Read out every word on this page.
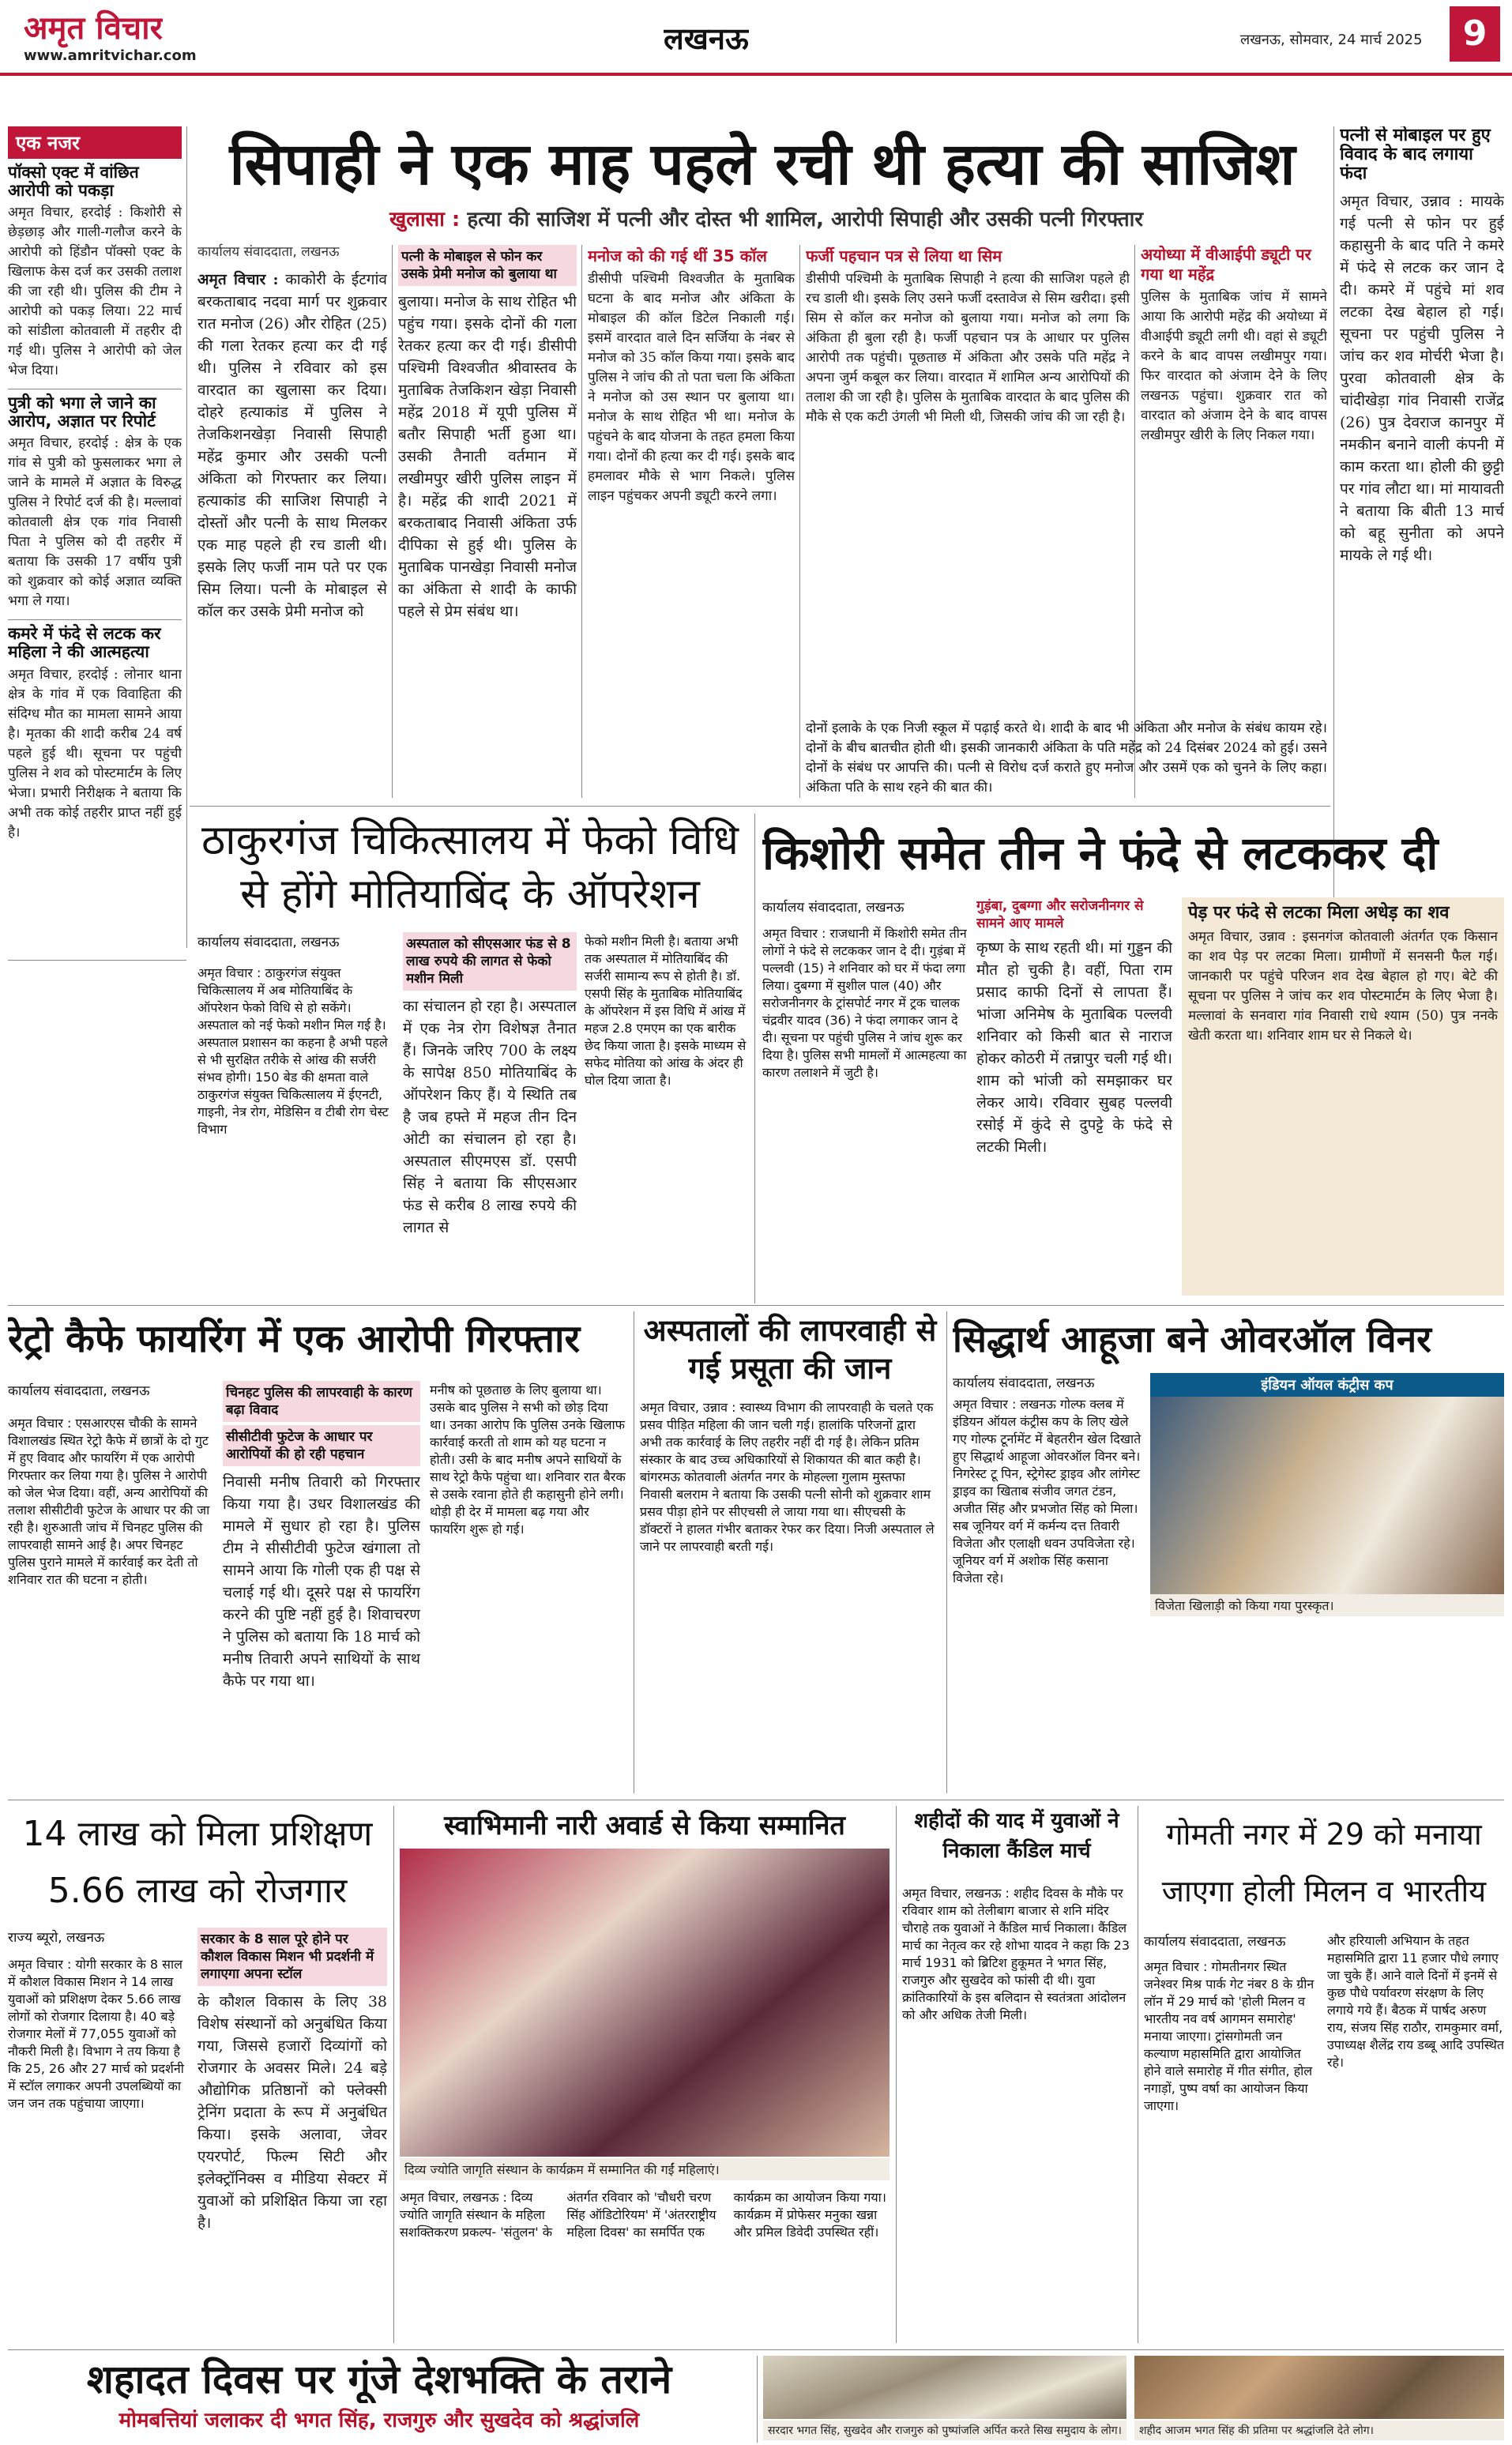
अमृत विचार
www.amritvichar.com	लखनऊ	लखनऊ, सोमवार, 24 मार्च 2025	9
एक नजर
पॉक्सो एक्ट में वांछित आरोपी को पकड़ा
अमृत विचार, हरदोई : किशोरी से छेड़छाड़ और गाली-गलौज करने के आरोपी को हिंडौन पॉक्सो एक्ट के खिलाफ केस दर्ज कर उसकी तलाश की जा रही थी। पुलिस की टीम ने आरोपी को पकड़ लिया। 22 मार्च को सांडीला कोतवाली में तहरीर दी गई थी। पुलिस ने आरोपी को जेल भेज दिया।
पुत्री को भगा ले जाने का आरोप, अज्ञात पर रिपोर्ट
अमृत विचार, हरदोई : क्षेत्र के एक गांव से पुत्री को फुसलाकर भगा ले जाने के मामले में अज्ञात के विरुद्ध पुलिस ने रिपोर्ट दर्ज की है। मल्लावां कोतवाली क्षेत्र एक गांव निवासी पिता ने पुलिस को दी तहरीर में बताया कि उसकी 17 वर्षीय पुत्री को शुक्रवार को कोई अज्ञात व्यक्ति भगा ले गया।
कमरे में फंदे से लटक कर महिला ने की आत्महत्या
अमृत विचार, हरदोई : लोनार थाना क्षेत्र के गांव में एक विवाहिता की संदिग्ध मौत का मामला सामने आया है। मृतका की शादी करीब 24 वर्ष पहले हुई थी। सूचना पर पहुंची पुलिस ने शव को पोस्टमार्टम के लिए भेजा। प्रभारी निरीक्षक ने बताया कि अभी तक कोई तहरीर प्राप्त नहीं हुई है।
सिपाही ने एक माह पहले रची थी हत्या की साजिश
खुलासा : हत्या की साजिश में पत्नी और दोस्त भी शामिल, आरोपी सिपाही और उसकी पत्नी गिरफ्तार
कार्यालय संवाददाता, लखनऊ
अमृत विचार : काकोरी के ईटगांव बरकताबाद नदवा मार्ग पर शुक्रवार रात मनोज (26) और रोहित (25) की गला रेतकर हत्या कर दी गई थी। पुलिस ने रविवार को इस वारदात का खुलासा कर दिया। दोहरे हत्याकांड में पुलिस ने तेजकिशनखेड़ा निवासी सिपाही महेंद्र कुमार और उसकी पत्नी अंकिता को गिरफ्तार कर लिया। हत्याकांड की साजिश सिपाही ने दोस्तों और पत्नी के साथ मिलकर एक माह पहले ही रच डाली थी। इसके लिए फर्जी नाम पते पर एक सिम लिया। पत्नी के मोबाइल से कॉल कर उसके प्रेमी मनोज को
पत्नी के मोबाइल से फोन कर उसके प्रेमी मनोज को बुलाया था
बुलाया। मनोज के साथ रोहित भी पहुंच गया। इसके दोनों की गला रेतकर हत्या कर दी गई। डीसीपी पश्चिमी विश्वजीत श्रीवास्तव के मुताबिक तेजकिशन खेड़ा निवासी महेंद्र 2018 में यूपी पुलिस में बतौर सिपाही भर्ती हुआ था। उसकी तैनाती वर्तमान में लखीमपुर खीरी पुलिस लाइन में है। महेंद्र की शादी 2021 में बरकताबाद निवासी अंकिता उर्फ दीपिका से हुई थी। पुलिस के मुताबिक पानखेड़ा निवासी मनोज का अंकिता से शादी के काफी पहले से प्रेम संबंध था।
मनोज को की गई थीं 35 कॉल
डीसीपी पश्चिमी विश्वजीत के मुताबिक घटना के बाद मनोज और अंकिता के मोबाइल की कॉल डिटेल निकाली गई। इसमें वारदात वाले दिन सर्जिया के नंबर से मनोज को 35 कॉल किया गया। इसके बाद पुलिस ने जांच की तो पता चला कि अंकिता ने मनोज को उस स्थान पर बुलाया था। मनोज के साथ रोहित भी था। मनोज के पहुंचने के बाद योजना के तहत हमला किया गया। दोनों की हत्या कर दी गई। इसके बाद हमलावर मौके से भाग निकले। पुलिस लाइन पहुंचकर अपनी ड्यूटी करने लगा।
फर्जी पहचान पत्र से लिया था सिम
डीसीपी पश्चिमी के मुताबिक सिपाही ने हत्या की साजिश पहले ही रच डाली थी। इसके लिए उसने फर्जी दस्तावेज से सिम खरीदा। इसी सिम से कॉल कर मनोज को बुलाया गया। मनोज को लगा कि अंकिता ही बुला रही है। फर्जी पहचान पत्र के आधार पर पुलिस आरोपी तक पहुंची। पूछताछ में अंकिता और उसके पति महेंद्र ने अपना जुर्म कबूल कर लिया। वारदात में शामिल अन्य आरोपियों की तलाश की जा रही है। पुलिस के मुताबिक वारदात के बाद पुलिस की मौके से एक कटी उंगली भी मिली थी, जिसकी जांच की जा रही है।
अयोध्या में वीआईपी ड्यूटी पर गया था महेंद्र
पुलिस के मुताबिक जांच में सामने आया कि आरोपी महेंद्र की अयोध्या में वीआईपी ड्यूटी लगी थी। वहां से ड्यूटी करने के बाद वापस लखीमपुर गया। फिर वारदात को अंजाम देने के लिए लखनऊ पहुंचा। शुक्रवार रात को वारदात को अंजाम देने के बाद वापस लखीमपुर खीरी के लिए निकल गया।
दोनों इलाके के एक निजी स्कूल में पढ़ाई करते थे। शादी के बाद भी अंकिता और मनोज के संबंध कायम रहे। दोनों के बीच बातचीत होती थी। इसकी जानकारी अंकिता के पति महेंद्र को 24 दिसंबर 2024 को हुई। उसने दोनों के संबंध पर आपत्ति की। पत्नी से विरोध दर्ज कराते हुए मनोज और उसमें एक को चुनने के लिए कहा। अंकिता पति के साथ रहने की बात की।
पत्नी से मोबाइल पर हुए विवाद के बाद लगाया फंदा
अमृत विचार, उन्नाव : मायके गई पत्नी से फोन पर हुई कहासुनी के बाद पति ने कमरे में फंदे से लटक कर जान दे दी। कमरे में पहुंचे मां शव लटका देख बेहाल हो गई। सूचना पर पहुंची पुलिस ने जांच कर शव मोर्चरी भेजा है। पुरवा कोतवाली क्षेत्र के चांदीखेड़ा गांव निवासी राजेंद्र (26) पुत्र देवराज कानपुर में नमकीन बनाने वाली कंपनी में काम करता था। होली की छुट्टी पर गांव लौटा था। मां मायावती ने बताया कि बीती 13 मार्च को बहू सुनीता को अपने मायके ले गई थी।
ठाकुरगंज चिकित्सालय में फेको विधि से होंगे मोतियाबिंद के ऑपरेशन
कार्यालय संवाददाता, लखनऊ
अमृत विचार : ठाकुरगंज संयुक्त चिकित्सालय में अब मोतियाबिंद के ऑपरेशन फेको विधि से हो सकेंगे। अस्पताल को नई फेको मशीन मिल गई है। अस्पताल प्रशासन का कहना है अभी पहले से भी सुरक्षित तरीके से आंख की सर्जरी संभव होगी। 150 बेड की क्षमता वाले ठाकुरगंज संयुक्त चिकित्सालय में ईएनटी, गाइनी, नेत्र रोग, मेडिसिन व टीबी रोग चेस्ट विभाग
अस्पताल को सीएसआर फंड से 8 लाख रुपये की लागत से फेको मशीन मिली
का संचालन हो रहा है। अस्पताल में एक नेत्र रोग विशेषज्ञ तैनात हैं। जिनके जरिए 700 के लक्ष्य के सापेक्ष 850 मोतियाबिंद के ऑपरेशन किए हैं। ये स्थिति तब है जब हफ्ते में महज तीन दिन ओटी का संचालन हो रहा है। अस्पताल सीएमएस डॉ. एसपी सिंह ने बताया कि सीएसआर फंड से करीब 8 लाख रुपये की लागत से
फेको मशीन मिली है। बताया अभी तक अस्पताल में मोतियाबिंद की सर्जरी सामान्य रूप से होती है। डॉ. एसपी सिंह के मुताबिक मोतियाबिंद के ऑपरेशन में इस विधि में आंख में महज 2.8 एमएम का एक बारीक छेद किया जाता है। इसके माध्यम से सफेद मोतिया को आंख के अंदर ही घोल दिया जाता है।
किशोरी समेत तीन ने फंदे से लटककर दी
कार्यालय संवाददाता, लखनऊ
अमृत विचार : राजधानी में किशोरी समेत तीन लोगों ने फंदे से लटककर जान दे दी। गुड़ंबा में पल्लवी (15) ने शनिवार को घर में फंदा लगा लिया। दुबग्गा में सुशील पाल (40) और सरोजनीनगर के ट्रांसपोर्ट नगर में ट्रक चालक चंद्रवीर यादव (36) ने फंदा लगाकर जान दे दी। सूचना पर पहुंची पुलिस ने जांच शुरू कर दिया है। पुलिस सभी मामलों में आत्महत्या का कारण तलाशने में जुटी है।
गुड़ंबा, दुबग्गा और सरोजनीनगर से सामने आए मामले
कृष्ण के साथ रहती थी। मां गुड्डन की मौत हो चुकी है। वहीं, पिता राम प्रसाद काफी दिनों से लापता हैं। भांजा अनिमेष के मुताबिक पल्लवी शनिवार को किसी बात से नाराज होकर कोठरी में तन्नापुर चली गई थी। शाम को भांजी को समझाकर घर लेकर आये। रविवार सुबह पल्लवी रसोई में कुंदे से दुपट्टे के फंदे से लटकी मिली।
पेड़ पर फंदे से लटका मिला अधेड़ का शव
अमृत विचार, उन्नाव : इसनगंज कोतवाली अंतर्गत एक किसान का शव पेड़ पर लटका मिला। ग्रामीणों में सनसनी फैल गई। जानकारी पर पहुंचे परिजन शव देख बेहाल हो गए। बेटे की सूचना पर पुलिस ने जांच कर शव पोस्टमार्टम के लिए भेजा है। मल्लावां के सनवारा गांव निवासी राधे श्याम (50) पुत्र ननके खेती करता था। शनिवार शाम घर से निकले थे।
रेट्रो कैफे फायरिंग में एक आरोपी गिरफ्तार
कार्यालय संवाददाता, लखनऊ
अमृत विचार : एसआरएस चौकी के सामने विशालखंड स्थित रेट्रो कैफे में छात्रों के दो गुट में हुए विवाद और फायरिंग में एक आरोपी गिरफ्तार कर लिया गया है। पुलिस ने आरोपी को जेल भेज दिया। वहीं, अन्य आरोपियों की तलाश सीसीटीवी फुटेज के आधार पर की जा रही है। शुरुआती जांच में चिनहट पुलिस की लापरवाही सामने आई है। अपर चिनहट पुलिस पुराने मामले में कार्रवाई कर देती तो शनिवार रात की घटना न होती।
चिनहट पुलिस की लापरवाही के कारण बढ़ा विवाद
सीसीटीवी फुटेज के आधार पर आरोपियों की हो रही पहचान
निवासी मनीष तिवारी को गिरफ्तार किया गया है। उधर विशालखंड की मामले में सुधार हो रहा है। पुलिस टीम ने सीसीटीवी फुटेज खंगाला तो सामने आया कि गोली एक ही पक्ष से चलाई गई थी। दूसरे पक्ष से फायरिंग करने की पुष्टि नहीं हुई है। शिवाचरण ने पुलिस को बताया कि 18 मार्च को मनीष तिवारी अपने साथियों के साथ कैफे पर गया था।
मनीष को पूछताछ के लिए बुलाया था। उसके बाद पुलिस ने सभी को छोड़ दिया था। उनका आरोप कि पुलिस उनके खिलाफ कार्रवाई करती तो शाम को यह घटना न होती। उसी के बाद मनीष अपने साथियों के साथ रेट्रो कैफे पहुंचा था। शनिवार रात बैरक से उसके रवाना होते ही कहासुनी होने लगी। थोड़ी ही देर में मामला बढ़ गया और फायरिंग शुरू हो गई।
अस्पतालों की लापरवाही से गई प्रसूता की जान
अमृत विचार, उन्नाव : स्वास्थ्य विभाग की लापरवाही के चलते एक प्रसव पीड़ित महिला की जान चली गई। हालांकि परिजनों द्वारा अभी तक कार्रवाई के लिए तहरीर नहीं दी गई है। लेकिन प्रतिम संस्कार के बाद उच्च अधिकारियों से शिकायत की बात कही है। बांगरमऊ कोतवाली अंतर्गत नगर के मोहल्ला गुलाम मुस्तफा निवासी बलराम ने बताया कि उसकी पत्नी सोनी को शुक्रवार शाम प्रसव पीड़ा होने पर सीएचसी ले जाया गया था। सीएचसी के डॉक्टरों ने हालत गंभीर बताकर रेफर कर दिया। निजी अस्पताल ले जाने पर लापरवाही बरती गई।
सिद्धार्थ आहूजा बने ओवरऑल विनर
कार्यालय संवाददाता, लखनऊ
अमृत विचार : लखनऊ गोल्फ क्लब में इंडियन ऑयल कंट्रीस कप के लिए खेले गए गोल्फ टूर्नामेंट में बेहतरीन खेल दिखाते हुए सिद्धार्थ आहूजा ओवरऑल विनर बने। निगरेस्ट टू पिन, स्ट्रेगेस्ट ड्राइव और लांगेस्ट ड्राइव का खिताब संजीव जगत टंडन, अजीत सिंह और प्रभजोत सिंह को मिला। सब जूनियर वर्ग में कर्मन्य दत्त तिवारी विजेता और एलाक्षी धवन उपविजेता रहे। जूनियर वर्ग में अशोक सिंह कसाना विजेता रहे।
इंडियन ऑयल कंट्रीस कप
विजेता खिलाड़ी को किया गया पुरस्कृत।
14 लाख को मिला प्रशिक्षण 5.66 लाख को रोजगार
राज्य ब्यूरो, लखनऊ
अमृत विचार : योगी सरकार के 8 साल में कौशल विकास मिशन ने 14 लाख युवाओं को प्रशिक्षण देकर 5.66 लाख लोगों को रोजगार दिलाया है। 40 बड़े रोजगार मेलों में 77,055 युवाओं को नौकरी मिली है। विभाग ने तय किया है कि 25, 26 और 27 मार्च को प्रदर्शनी में स्टॉल लगाकर अपनी उपलब्धियों का जन जन तक पहुंचाया जाएगा।
सरकार के 8 साल पूरे होने पर कौशल विकास मिशन भी प्रदर्शनी में लगाएगा अपना स्टॉल
के कौशल विकास के लिए 38 विशेष संस्थानों को अनुबंधित किया गया, जिससे हजारों दिव्यांगों को रोजगार के अवसर मिले। 24 बड़े औद्योगिक प्रतिष्ठानों को फ्लेक्सी ट्रेनिंग प्रदाता के रूप में अनुबंधित किया। इसके अलावा, जेवर एयरपोर्ट, फिल्म सिटी और इलेक्ट्रॉनिक्स व मीडिया सेक्टर में युवाओं को प्रशिक्षित किया जा रहा है।
स्वाभिमानी नारी अवार्ड से किया सम्मानित
दिव्य ज्योति जागृति संस्थान के कार्यक्रम में सम्मानित की गईं महिलाएं।
अमृत विचार, लखनऊ : दिव्य ज्योति जागृति संस्थान के महिला सशक्तिकरण प्रकल्प- 'संतुलन' के अंतर्गत रविवार को 'चौधरी चरण सिंह ऑडिटोरियम' में 'अंतरराष्ट्रीय महिला दिवस' का समर्पित एक कार्यक्रम का आयोजन किया गया। कार्यक्रम में प्रोफेसर मनुका खन्ना और प्रमिल डिवेदी उपस्थित रहीं।
शहीदों की याद में युवाओं ने निकाला कैंडिल मार्च
अमृत विचार, लखनऊ : शहीद दिवस के मौके पर रविवार शाम को तेलीबाग बाजार से शनि मंदिर चौराहे तक युवाओं ने कैंडिल मार्च निकाला। कैंडिल मार्च का नेतृत्व कर रहे शोभा यादव ने कहा कि 23 मार्च 1931 को ब्रिटिश हुकूमत ने भगत सिंह, राजगुरु और सुखदेव को फांसी दी थी। युवा क्रांतिकारियों के इस बलिदान से स्वतंत्रता आंदोलन को और अधिक तेजी मिली।
गोमती नगर में 29 को मनाया जाएगा होली मिलन व भारतीय
कार्यालय संवाददाता, लखनऊ
अमृत विचार : गोमतीनगर स्थित जनेश्वर मिश्र पार्क गेट नंबर 8 के ग्रीन लॉन में 29 मार्च को 'होली मिलन व भारतीय नव वर्ष आगमन समारोह' मनाया जाएगा। ट्रांसगोमती जन कल्याण महासमिति द्वारा आयोजित होने वाले समारोह में गीत संगीत, होल नगाड़ों, पुष्प वर्षा का आयोजन किया जाएगा।
और हरियाली अभियान के तहत महासमिति द्वारा 11 हजार पौधे लगाए जा चुके हैं। आने वाले दिनों में इनमें से कुछ पौधे पर्यावरण संरक्षण के लिए लगाये गये हैं। बैठक में पार्षद अरुण राय, संजय सिंह राठौर, रामकुमार वर्मा, उपाध्यक्ष शैलेंद्र राय डब्बू आदि उपस्थित रहे।
शहादत दिवस पर गूंजे देशभक्ति के तराने
मोमबत्तियां जलाकर दी भगत सिंह, राजगुरु और सुखदेव को श्रद्धांजलि	सरदार भगत सिंह, सुखदेव और राजगुरु को पुष्पांजलि अर्पित करते सिख समुदाय के लोग।	शहीद आजम भगत सिंह की प्रतिमा पर श्रद्धांजलि देते लोग।
